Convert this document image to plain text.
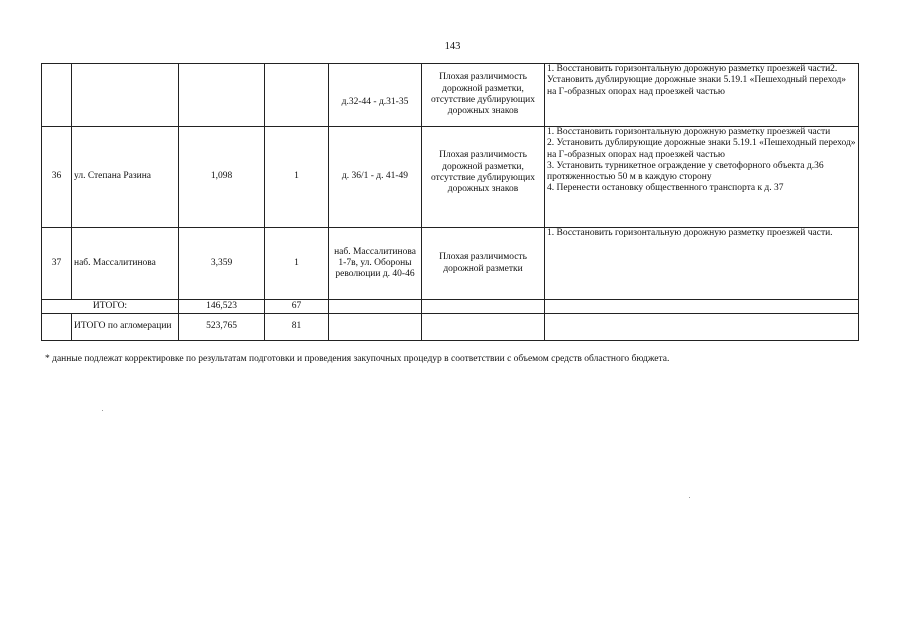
143
				д.32-44 - д.31-35	Плохая различимость дорожной разметки, отсутствие дублирующих дорожных знаков	1. Восстановить горизонтальную дорожную разметку проезжей части2. Установить дублирующие дорожные знаки 5.19.1 «Пешеходный переход» на Г-образных опорах над проезжей частью

36	ул. Степана Разина	1,098	1	д. 36/1 - д. 41-49	Плохая различимость дорожной разметки, отсутствие дублирующих дорожных знаков	1. Восстановить горизонтальную дорожную разметку проезжей части
2. Установить дублирующие дорожные знаки 5.19.1 «Пешеходный переход» на Г-образных опорах над проезжей частью
3. Установить турникетное ограждение у светофорного объекта д.36 протяженностью 50 м в каждую сторону
4. Перенести остановку общественного транспорта к д. 37

37	наб. Массалитинова	3,359	1	наб. Массалитинова 1-7в, ул. Обороны революции д. 40-46	Плохая различимость дорожной разметки	1. Восстановить горизонтальную дорожную разметку проезжей части.

ИТОГО:		146,523	67			
	ИТОГО по агломерации	523,765	81			
* данные подлежат корректировке по результатам подготовки и проведения закупочных процедур в соответствии с объемом средств областного бюджета.
